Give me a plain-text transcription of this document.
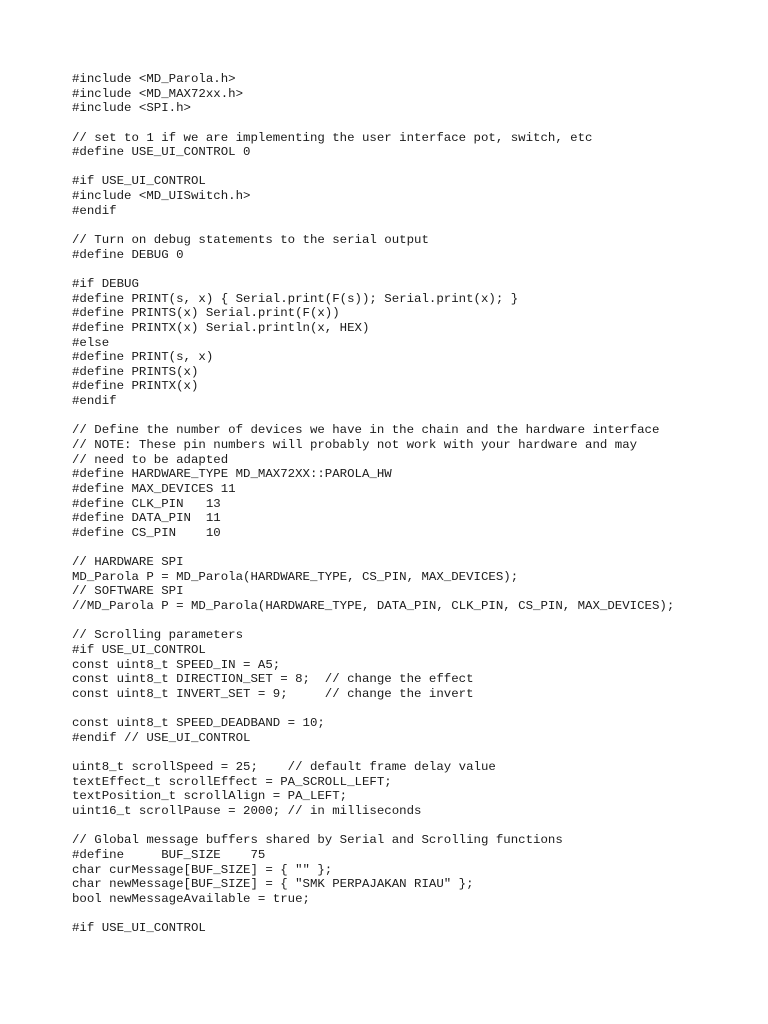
#include <MD_Parola.h>
#include <MD_MAX72xx.h>
#include <SPI.h>
// set to 1 if we are implementing the user interface pot, switch, etc
#define USE_UI_CONTROL 0
#if USE_UI_CONTROL
#include <MD_UISwitch.h>
#endif
// Turn on debug statements to the serial output
#define DEBUG 0
#if DEBUG
#define PRINT(s, x) { Serial.print(F(s)); Serial.print(x); }
#define PRINTS(x) Serial.print(F(x))
#define PRINTX(x) Serial.println(x, HEX)
#else
#define PRINT(s, x)
#define PRINTS(x)
#define PRINTX(x)
#endif
// Define the number of devices we have in the chain and the hardware interface
// NOTE: These pin numbers will probably not work with your hardware and may
// need to be adapted
#define HARDWARE_TYPE MD_MAX72XX::PAROLA_HW
#define MAX_DEVICES 11
#define CLK_PIN   13
#define DATA_PIN  11
#define CS_PIN    10
// HARDWARE SPI
MD_Parola P = MD_Parola(HARDWARE_TYPE, CS_PIN, MAX_DEVICES);
// SOFTWARE SPI
//MD_Parola P = MD_Parola(HARDWARE_TYPE, DATA_PIN, CLK_PIN, CS_PIN, MAX_DEVICES);
// Scrolling parameters
#if USE_UI_CONTROL
const uint8_t SPEED_IN = A5;
const uint8_t DIRECTION_SET = 8;  // change the effect
const uint8_t INVERT_SET = 9;     // change the invert
const uint8_t SPEED_DEADBAND = 10;
#endif // USE_UI_CONTROL
uint8_t scrollSpeed = 25;    // default frame delay value
textEffect_t scrollEffect = PA_SCROLL_LEFT;
textPosition_t scrollAlign = PA_LEFT;
uint16_t scrollPause = 2000; // in milliseconds
// Global message buffers shared by Serial and Scrolling functions
#define     BUF_SIZE    75
char curMessage[BUF_SIZE] = { "" };
char newMessage[BUF_SIZE] = { "SMK PERPAJAKAN RIAU" };
bool newMessageAvailable = true;
#if USE_UI_CONTROL
